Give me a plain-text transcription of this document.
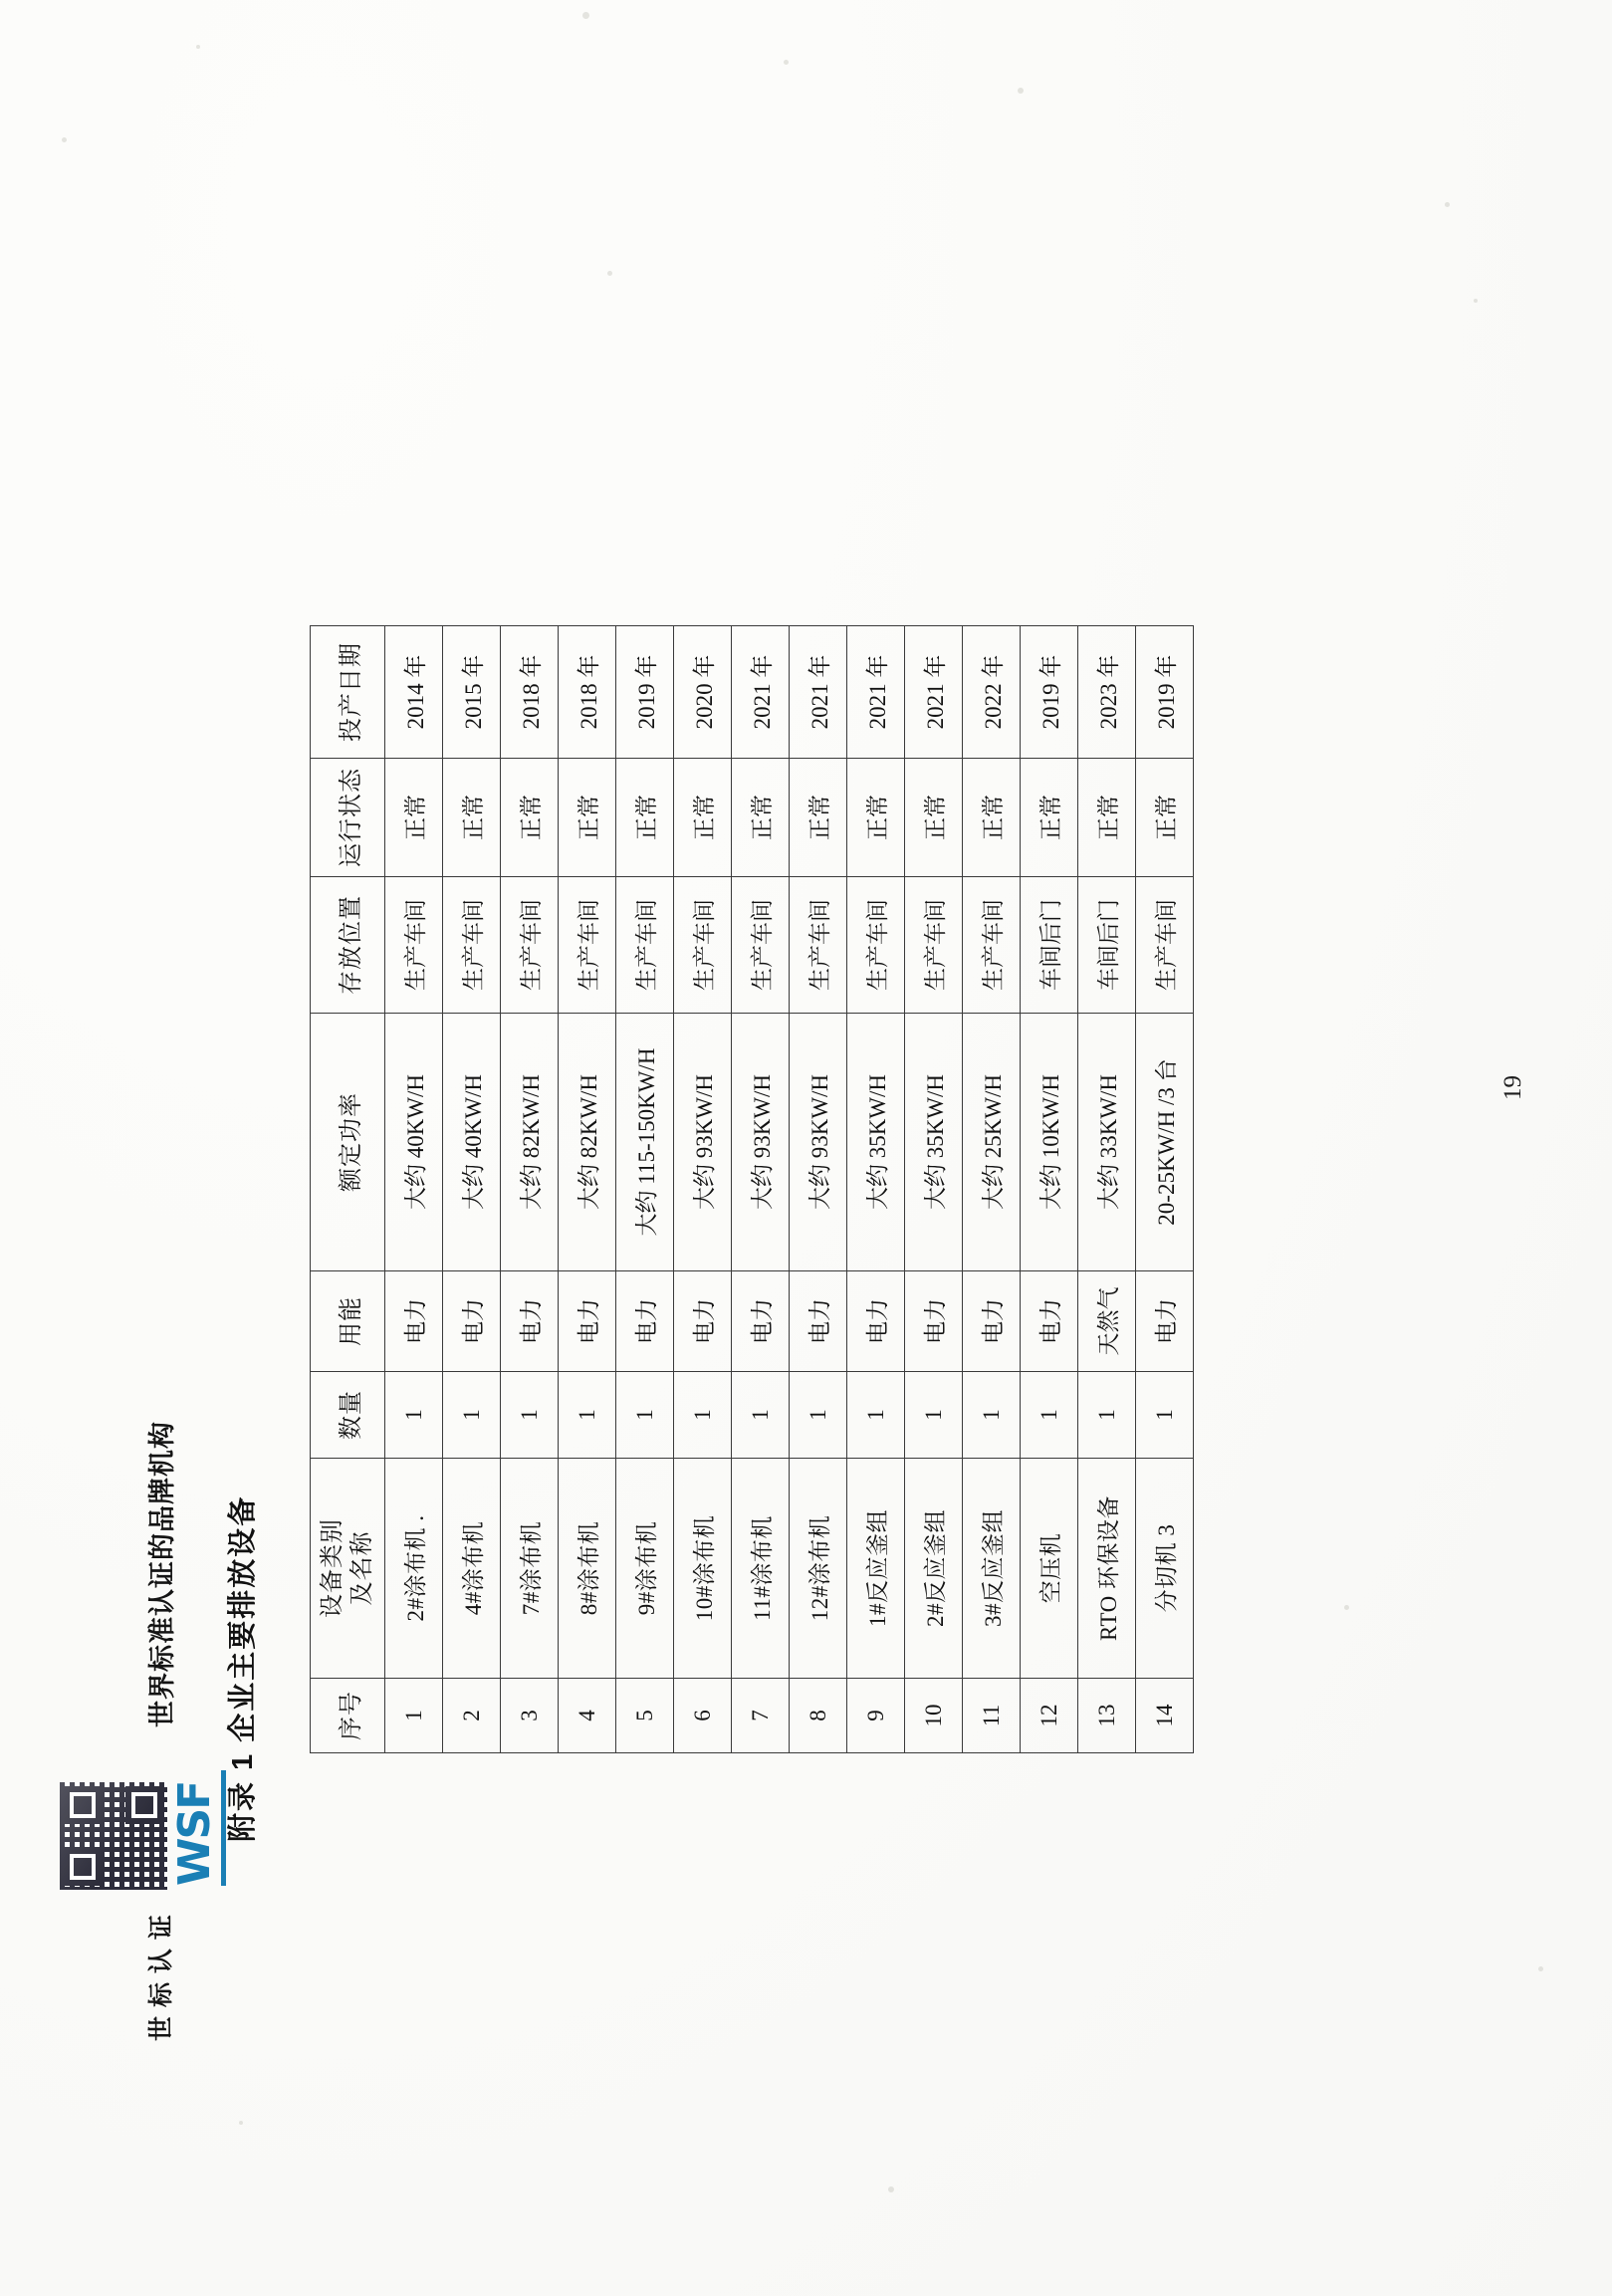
WSF
世界标准认证的品牌机构
世 标 认 证
附录 1 企业主要排放设备
19
序号	设备类别 及名称	数量	用能	额定功率	存放位置	运行状态	投产日期
1	2#涂布机 .	1	电力	大约 40KW/H	生产车间	正常	2014 年
2	4#涂布机	1	电力	大约 40KW/H	生产车间	正常	2015 年
3	7#涂布机	1	电力	大约 82KW/H	生产车间	正常	2018 年
4	8#涂布机	1	电力	大约 82KW/H	生产车间	正常	2018 年
5	9#涂布机	1	电力	大约 115-150KW/H	生产车间	正常	2019 年
6	10#涂布机	1	电力	大约 93KW/H	生产车间	正常	2020 年
7	11#涂布机	1	电力	大约 93KW/H	生产车间	正常	2021 年
8	12#涂布机	1	电力	大约 93KW/H	生产车间	正常	2021 年
9	1#反应釜组	1	电力	大约 35KW/H	生产车间	正常	2021 年
10	2#反应釜组	1	电力	大约 35KW/H	生产车间	正常	2021 年
11	3#反应釜组	1	电力	大约 25KW/H	生产车间	正常	2022 年
12	空压机	1	电力	大约 10KW/H	车间后门	正常	2019 年
13	RTO 环保设备	1	天然气	大约 33KW/H	车间后门	正常	2023 年
14	分切机 3	1	电力	20-25KW/H /3 台	生产车间	正常	2019 年
